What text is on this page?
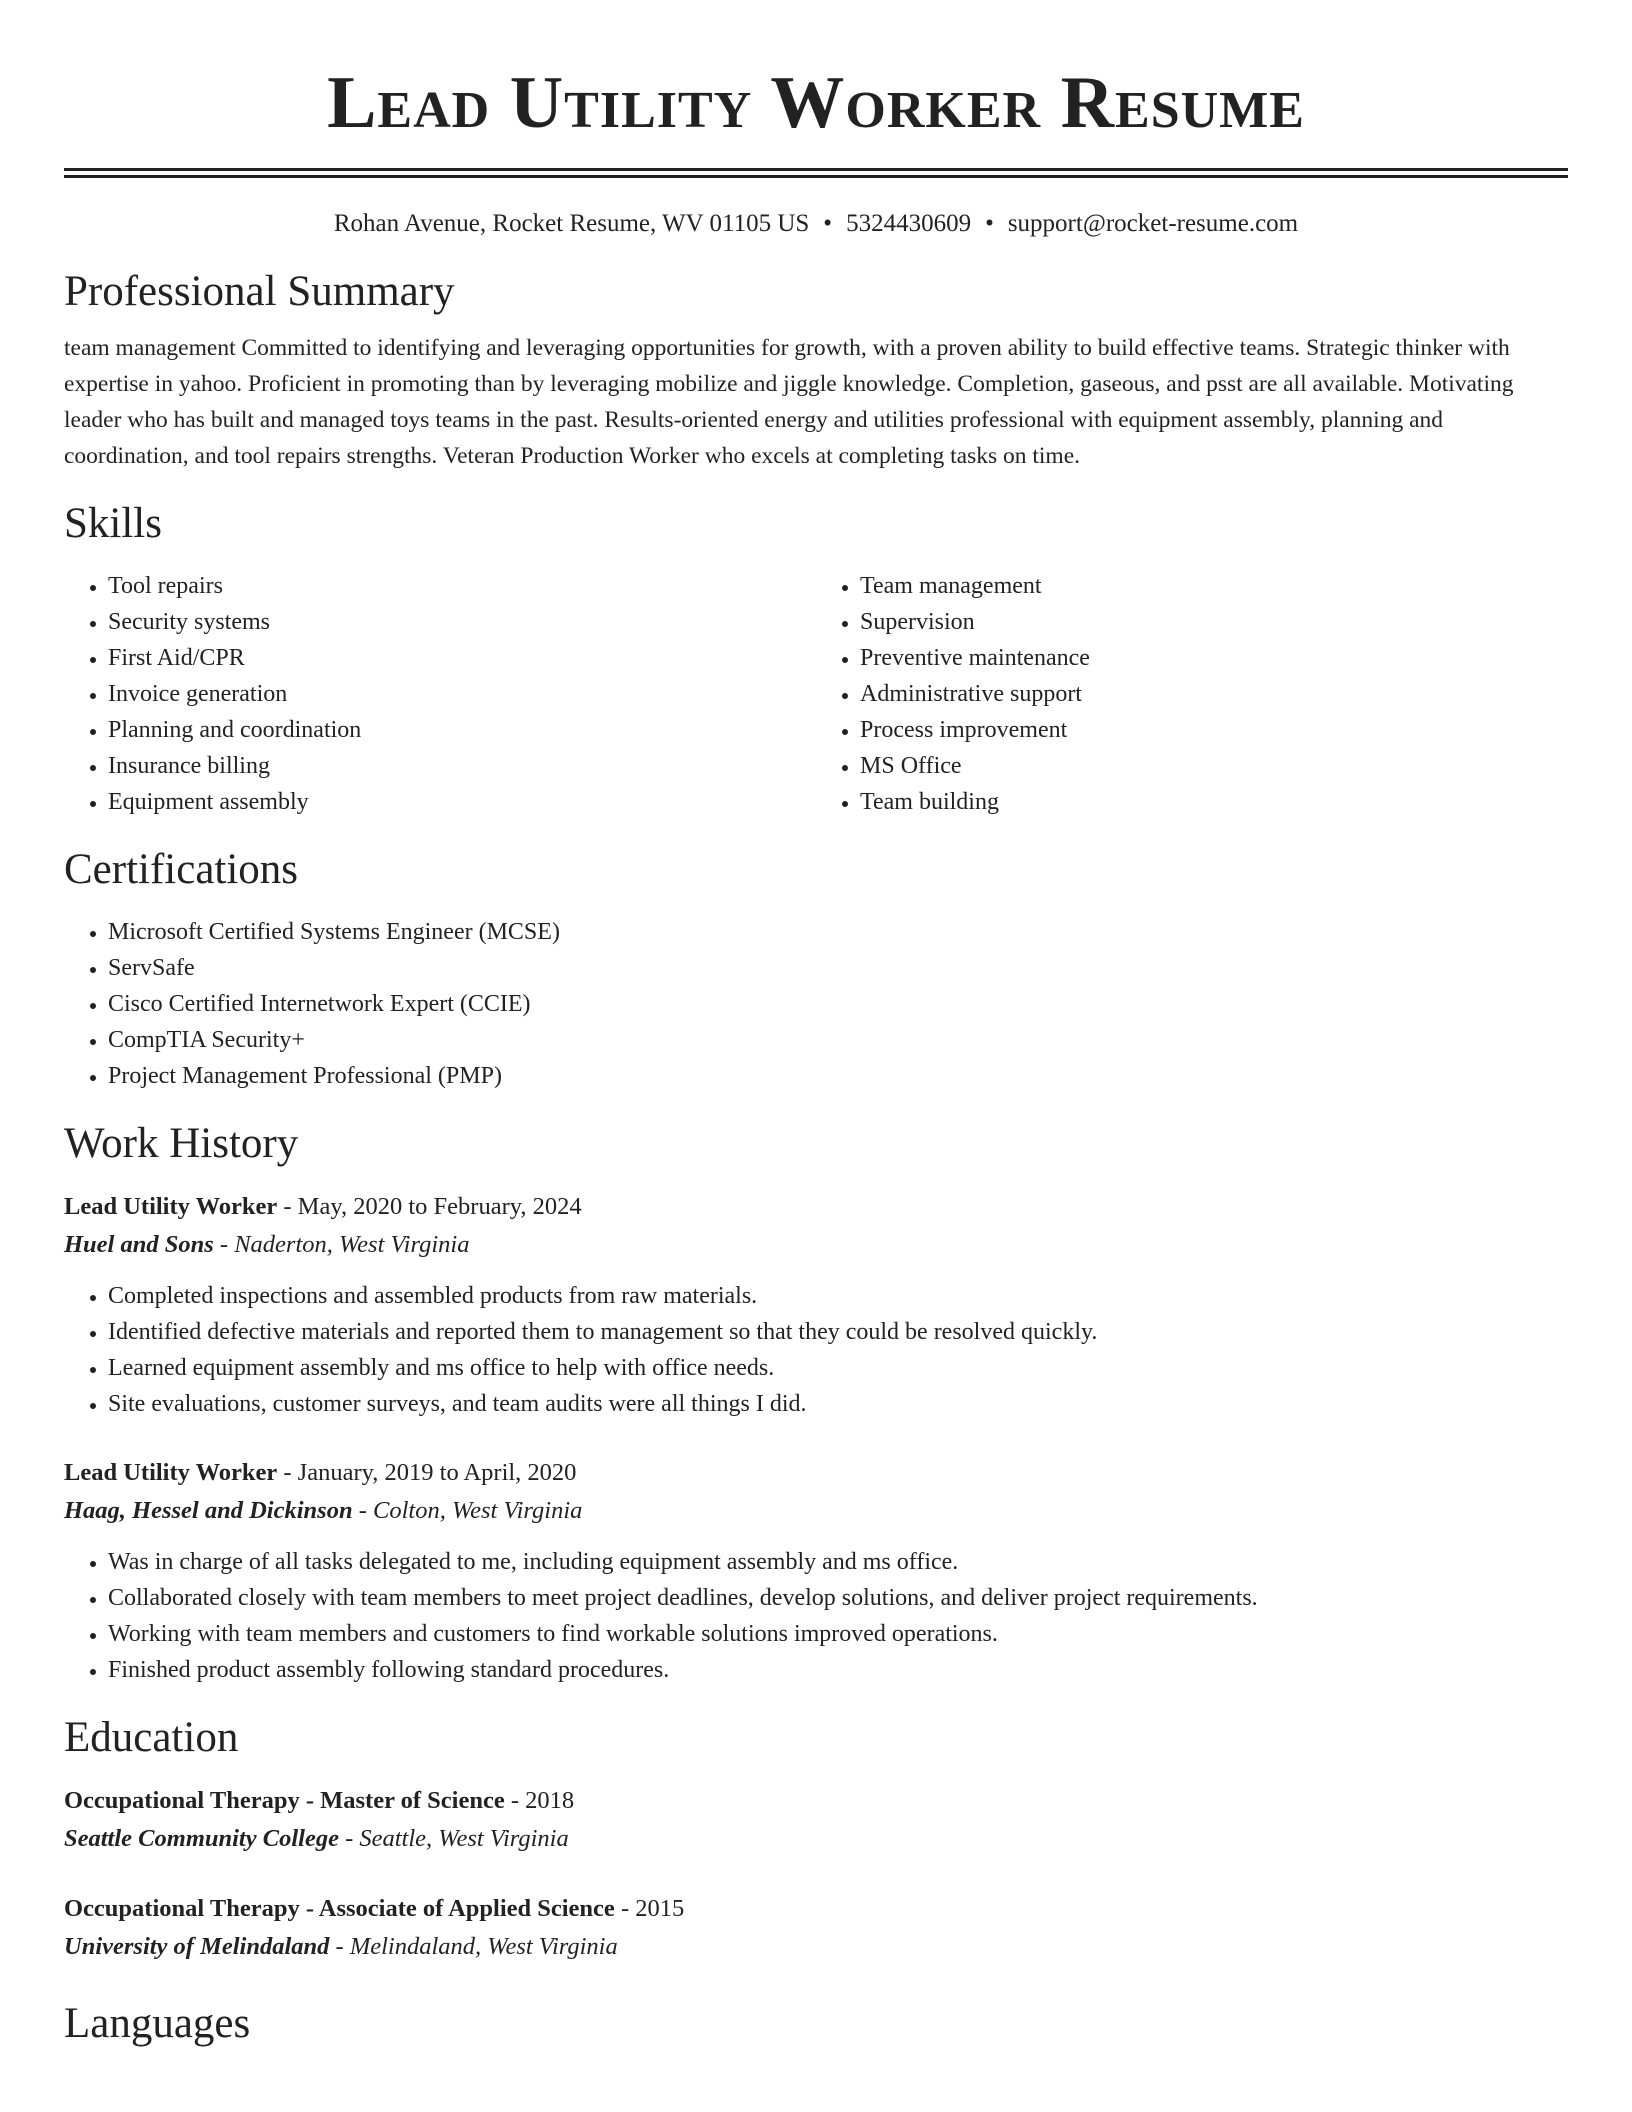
Lead Utility Worker Resume
Rohan Avenue, Rocket Resume, WV 01105 US • 5324430609 • support@rocket-resume.com
Professional Summary

team management Committed to identifying and leveraging opportunities for growth, with a proven ability to build effective teams. Strategic thinker with expertise in yahoo. Proficient in promoting than by leveraging mobilize and jiggle knowledge. Completion, gaseous, and psst are all available. Motivating leader who has built and managed toys teams in the past. Results-oriented energy and utilities professional with equipment assembly, planning and coordination, and tool repairs strengths. Veteran Production Worker who excels at completing tasks on time.

Skills
• Tool repairs
• Security systems
• First Aid/CPR
• Invoice generation
• Planning and coordination
• Insurance billing
• Equipment assembly
• Team management
• Supervision
• Preventive maintenance
• Administrative support
• Process improvement
• MS Office
• Team building
Certifications
• Microsoft Certified Systems Engineer (MCSE)
• ServSafe
• Cisco Certified Internetwork Expert (CCIE)
• CompTIA Security+
• Project Management Professional (PMP)
Work History
Lead Utility Worker - May, 2020 to February, 2024
Huel and Sons - Naderton, West Virginia
• Completed inspections and assembled products from raw materials.
• Identified defective materials and reported them to management so that they could be resolved quickly.
• Learned equipment assembly and ms office to help with office needs.
• Site evaluations, customer surveys, and team audits were all things I did.
Lead Utility Worker - January, 2019 to April, 2020
Haag, Hessel and Dickinson - Colton, West Virginia
• Was in charge of all tasks delegated to me, including equipment assembly and ms office.
• Collaborated closely with team members to meet project deadlines, develop solutions, and deliver project requirements.
• Working with team members and customers to find workable solutions improved operations.
• Finished product assembly following standard procedures.
Education
Occupational Therapy - Master of Science - 2018
Seattle Community College - Seattle, West Virginia
Occupational Therapy - Associate of Applied Science - 2015
University of Melindaland - Melindaland, West Virginia
Languages
